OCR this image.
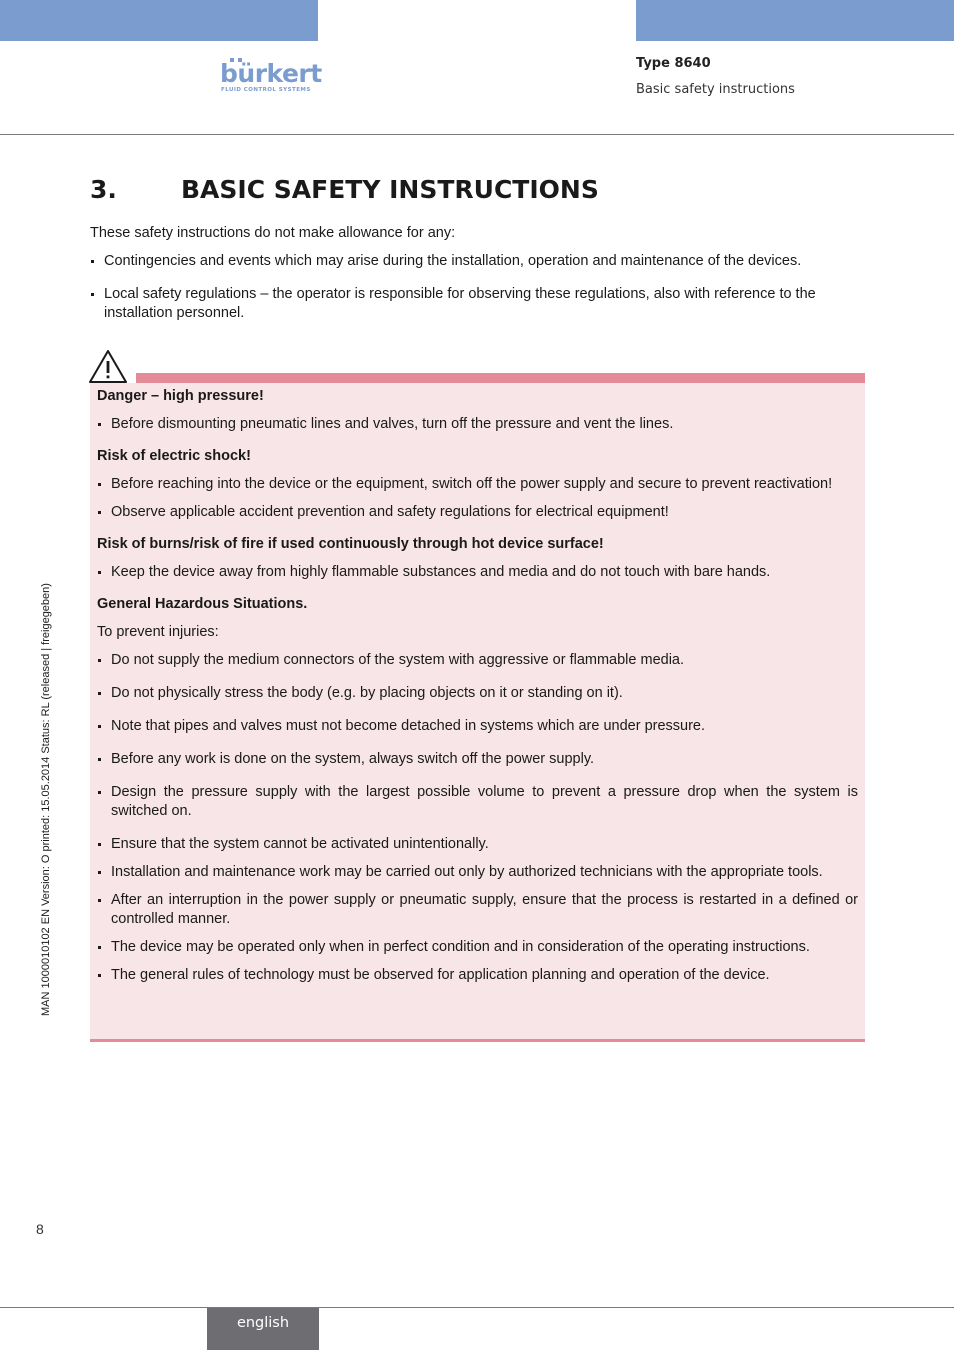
bürkert
FLUID CONTROL SYSTEMS
Type 8640
Basic safety instructions
3.	BASIC SAFETY INSTRUCTIONS

These safety instructions do not make allowance for any:

Contingencies and events which may arise during the installation, operation and maintenance of the devices.
Local safety regulations – the operator is responsible for observing these regulations, also with reference to the installation personnel.
Danger – high pressure!
Before dismounting pneumatic lines and valves, turn off the pressure and vent the lines.
Risk of electric shock!
Before reaching into the device or the equipment, switch off the power supply and secure to prevent reactivation!
Observe applicable accident prevention and safety regulations for electrical equipment!
Risk of burns/risk of fire if used continuously through hot device surface!
Keep the device away from highly flammable substances and media and do not touch with bare hands.
General Hazardous Situations.

To prevent injuries:

Do not supply the medium connectors of the system with aggressive or flammable media.
Do not physically stress the body (e.g. by placing objects on it or standing on it).
Note that pipes and valves must not become detached in systems which are under pressure.
Before any work is done on the system, always switch off the power supply.
Design the pressure supply with the largest possible volume to prevent a pressure drop when the system is switched on.
Ensure that the system cannot be activated unintentionally.
Installation and maintenance work may be carried out only by authorized technicians with the appropriate tools.
After an interruption in the power supply or pneumatic supply, ensure that the process is restarted in a defined or controlled manner.
The device may be operated only when in perfect condition and in consideration of the operating instructions.
The general rules of technology must be observed for application planning and operation of the device.
MAN 1000010102 EN Version: O printed: 15.05.2014 Status: RL (released | freigegeben)
8
english
